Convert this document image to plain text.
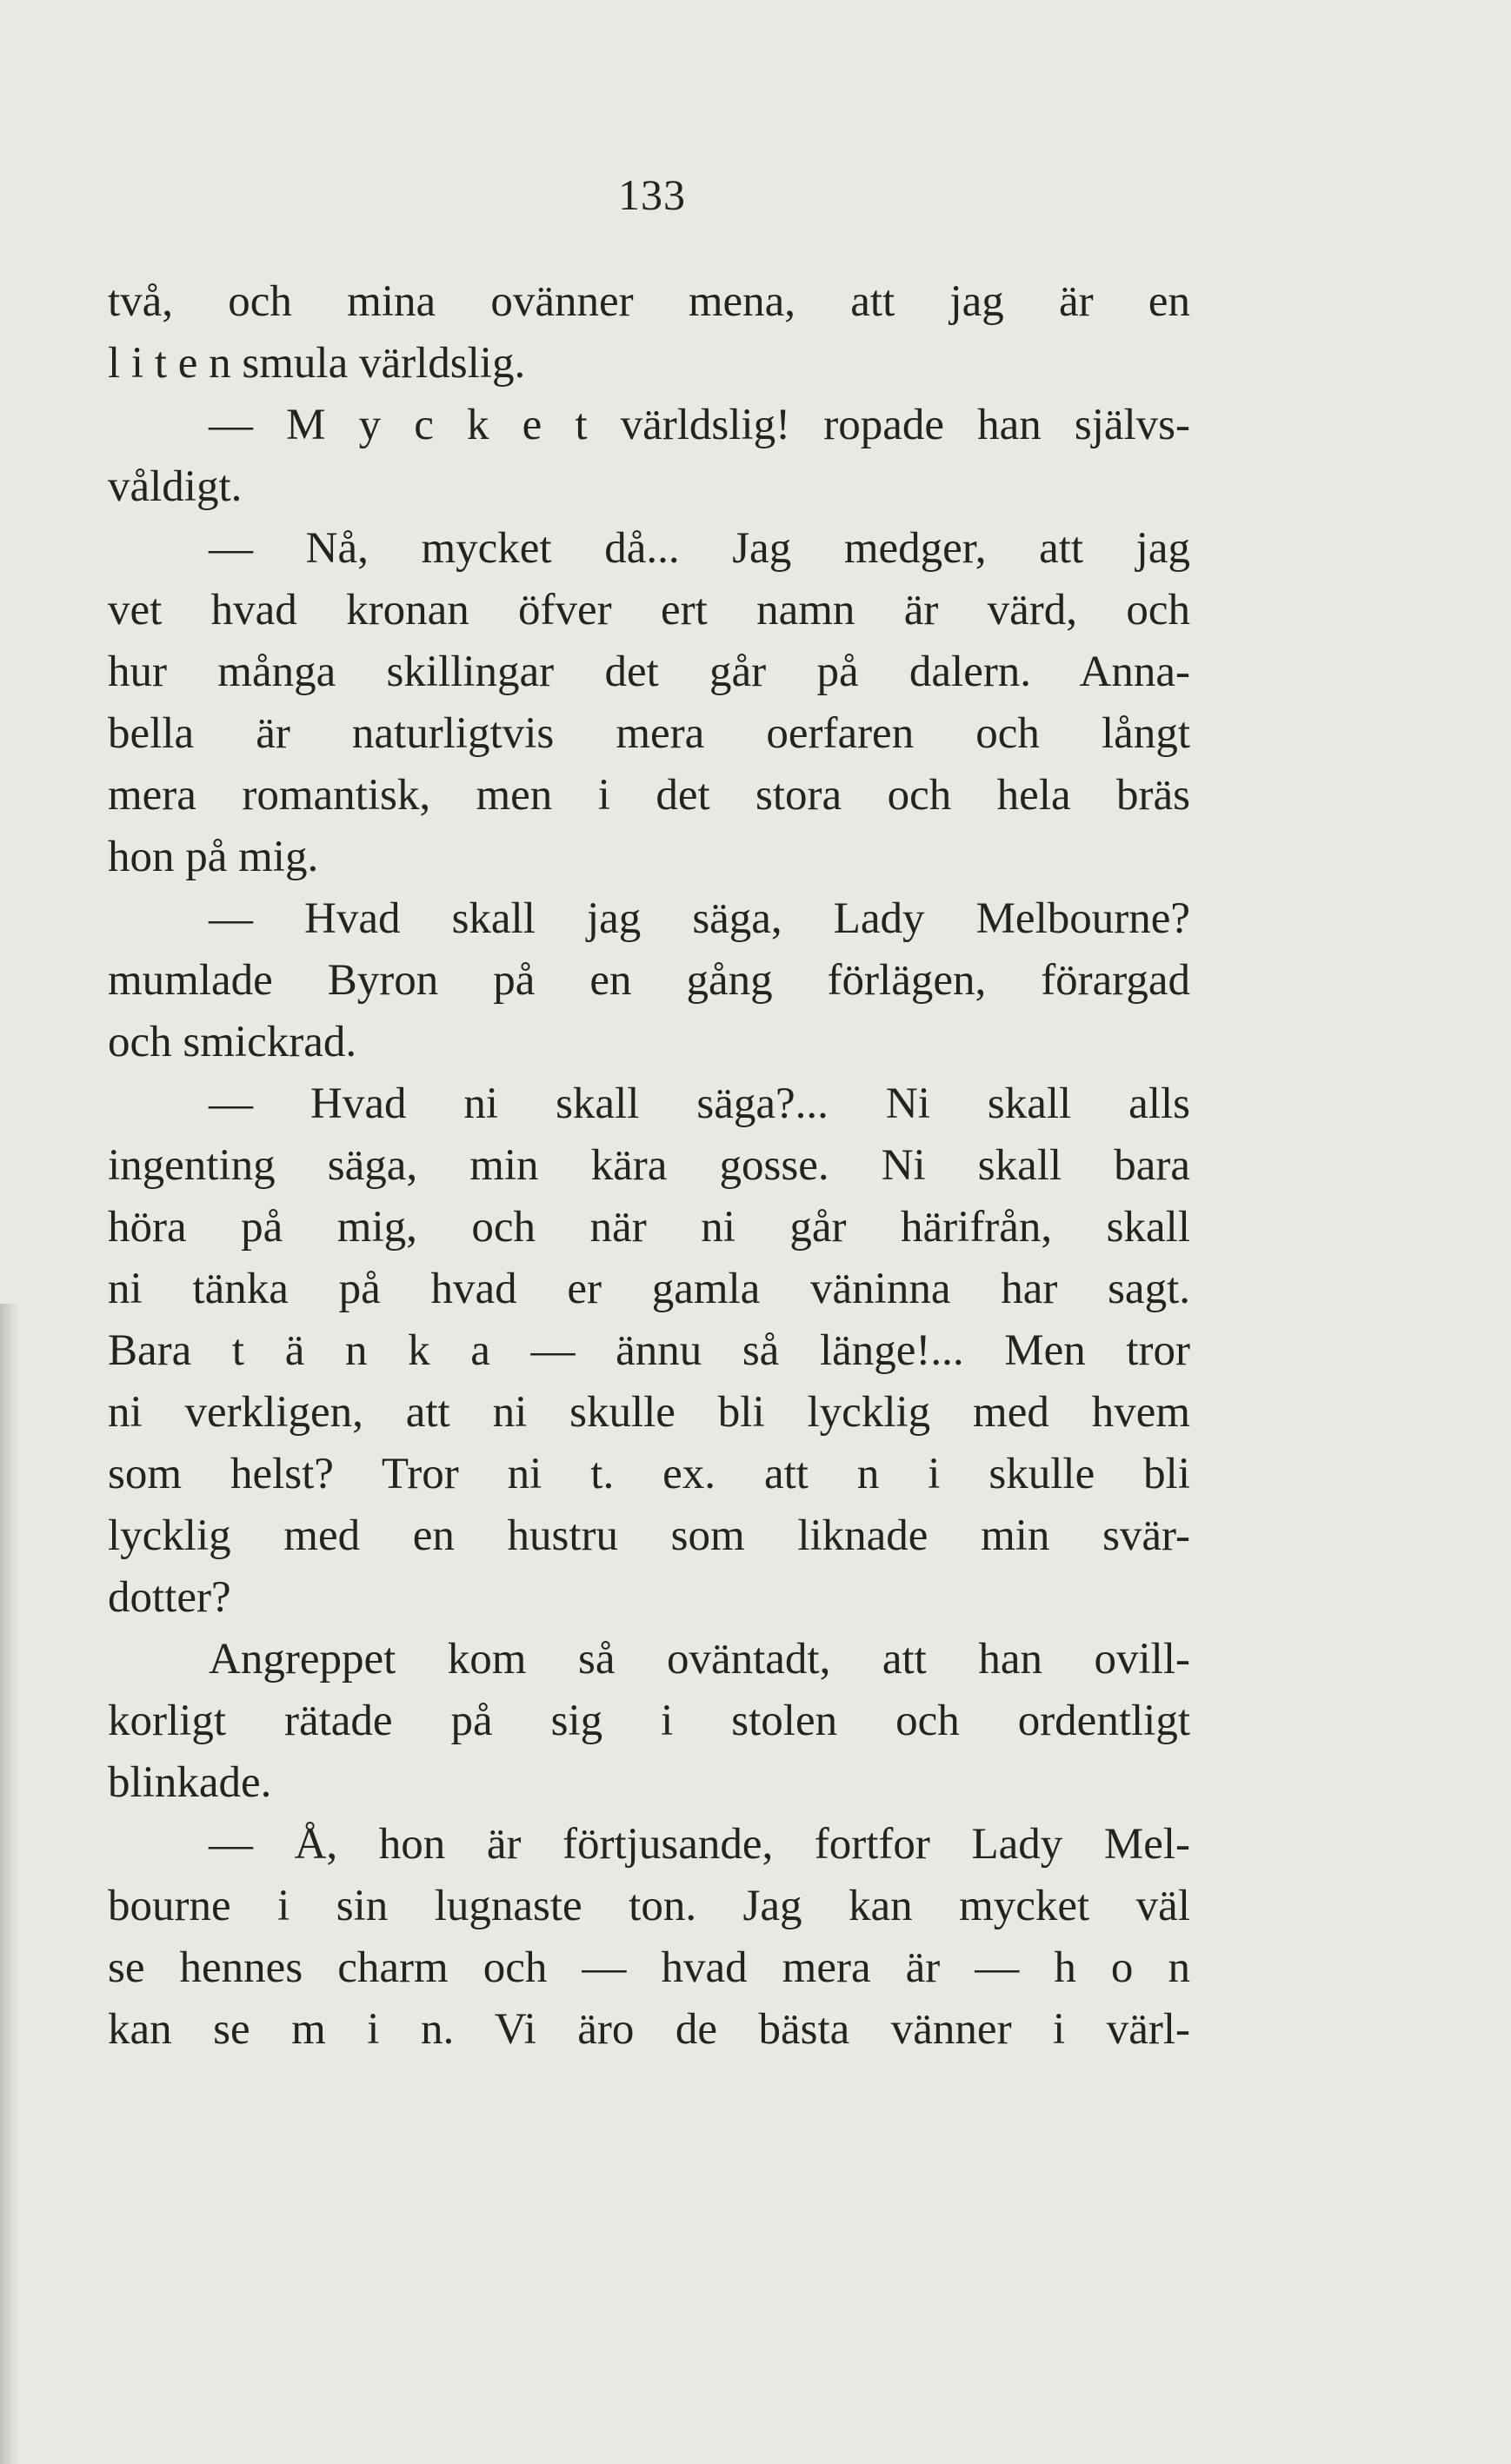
133
två, och mina ovänner mena, att jag är en
l i t e n smula världslig.
— M y c k e t världslig! ropade han självs-
våldigt.
— Nå, mycket då... Jag medger, att jag
vet hvad kronan öfver ert namn är värd, och
hur många skillingar det går på dalern. Anna-
bella är naturligtvis mera oerfaren och långt
mera romantisk, men i det stora och hela bräs
hon på mig.
— Hvad skall jag säga, Lady Melbourne?
mumlade Byron på en gång förlägen, förargad
och smickrad.
— Hvad ni skall säga?... Ni skall alls
ingenting säga, min kära gosse. Ni skall bara
höra på mig, och när ni går härifrån, skall
ni tänka på hvad er gamla väninna har sagt.
Bara t ä n k a — ännu så länge!... Men tror
ni verkligen, att ni skulle bli lycklig med hvem
som helst? Tror ni t. ex. att n i skulle bli
lycklig med en hustru som liknade min svär-
dotter?
Angreppet kom så oväntadt, att han ovill-
korligt rätade på sig i stolen och ordentligt
blinkade.
— Å, hon är förtjusande, fortfor Lady Mel-
bourne i sin lugnaste ton. Jag kan mycket väl
se hennes charm och — hvad mera är — h o n
kan se m i n. Vi äro de bästa vänner i värl-
